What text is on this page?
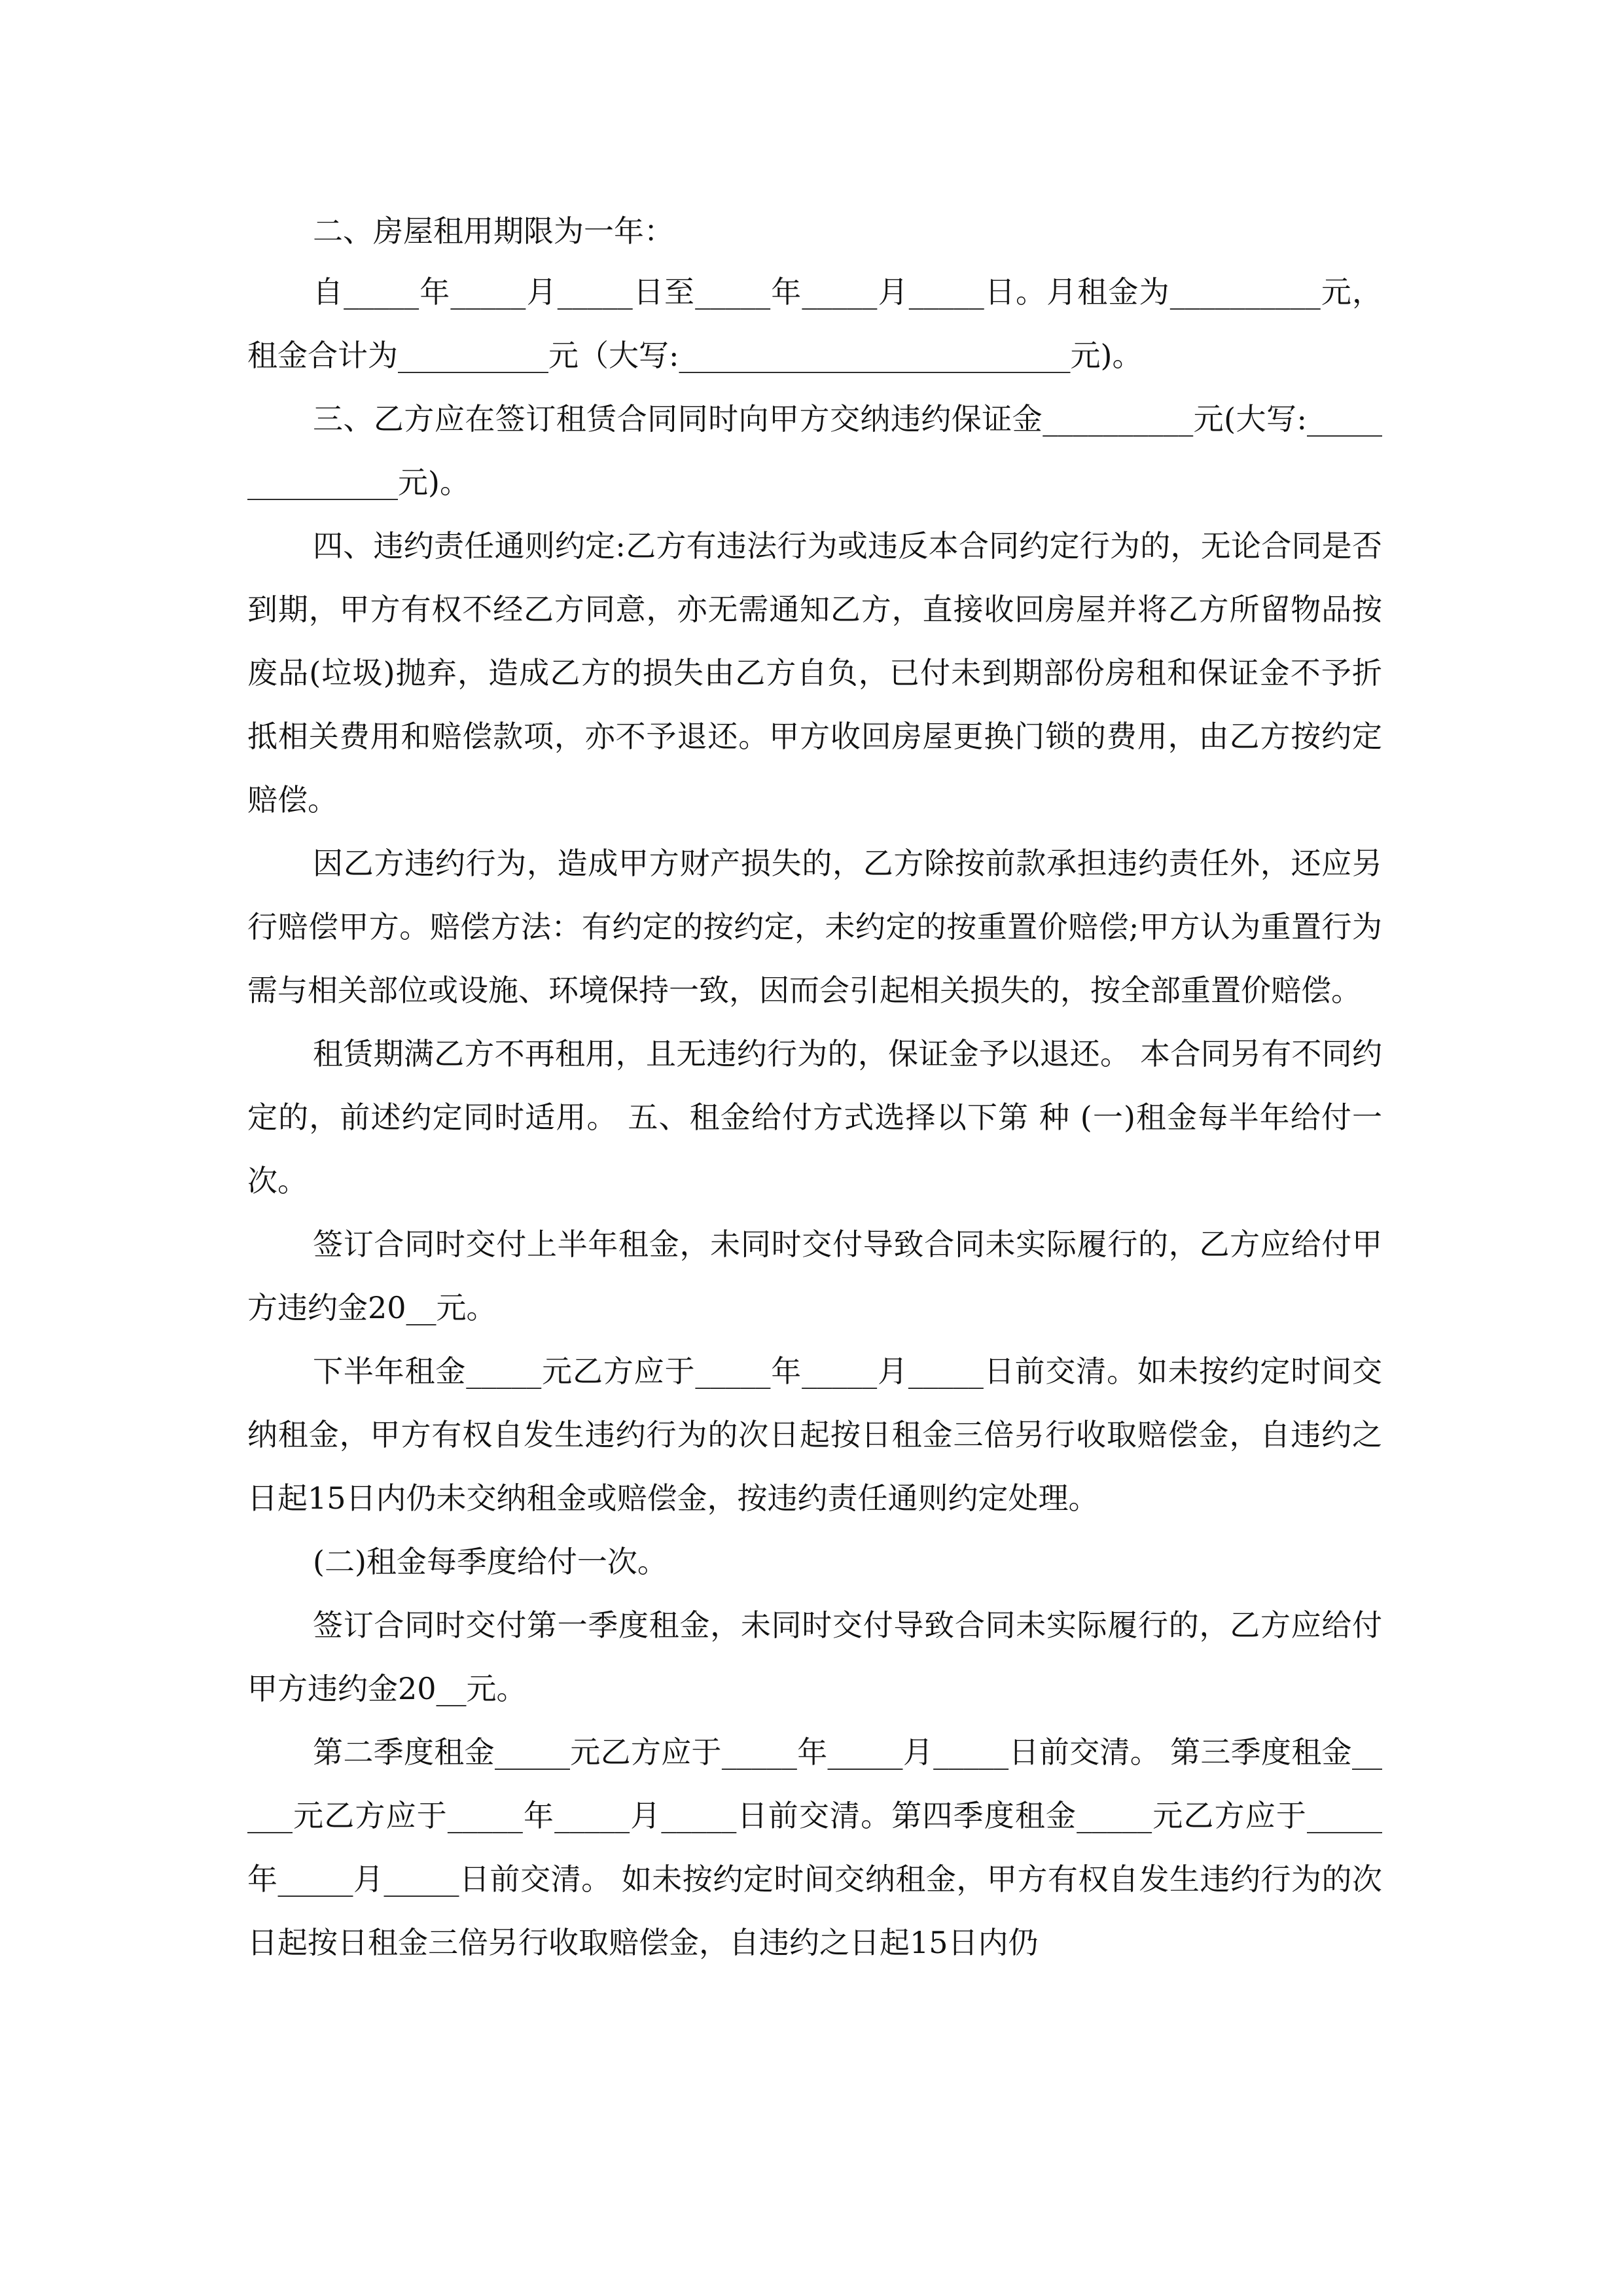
二、房屋租用期限为一年：

自_____年_____月_____日至_____年_____月_____日。月租金为__________元，租金合计为__________元（大写:__________________________元)。

三、乙方应在签订租赁合同同时向甲方交纳违约保证金__________元(大写:_______________元)。

四、违约责任通则约定:乙方有违法行为或违反本合同约定行为的，无论合同是否到期，甲方有权不经乙方同意，亦无需通知乙方，直接收回房屋并将乙方所留物品按废品(垃圾)抛弃，造成乙方的损失由乙方自负，已付未到期部份房租和保证金不予折抵相关费用和赔偿款项，亦不予退还。甲方收回房屋更换门锁的费用，由乙方按约定赔偿。

因乙方违约行为，造成甲方财产损失的，乙方除按前款承担违约责任外，还应另行赔偿甲方。赔偿方法：有约定的按约定，未约定的按重置价赔偿;甲方认为重置行为需与相关部位或设施、环境保持一致，因而会引起相关损失的，按全部重置价赔偿。

租赁期满乙方不再租用，且无违约行为的，保证金予以退还。 本合同另有不同约定的，前述约定同时适用。 五、租金给付方式选择以下第 种 (一)租金每半年给付一次。

签订合同时交付上半年租金，未同时交付导致合同未实际履行的，乙方应给付甲方违约金20__元。

下半年租金_____元乙方应于_____年_____月_____日前交清。如未按约定时间交纳租金，甲方有权自发生违约行为的次日起按日租金三倍另行收取赔偿金，自违约之日起15日内仍未交纳租金或赔偿金，按违约责任通则约定处理。

(二)租金每季度给付一次。

签订合同时交付第一季度租金，未同时交付导致合同未实际履行的，乙方应给付甲方违约金20__元。

第二季度租金_____元乙方应于_____年_____月_____日前交清。 第三季度租金_____元乙方应于_____年_____月_____日前交清。第四季度租金_____元乙方应于_____年_____月_____日前交清。 如未按约定时间交纳租金，甲方有权自发生违约行为的次日起按日租金三倍另行收取赔偿金，自违约之日起15日内仍
